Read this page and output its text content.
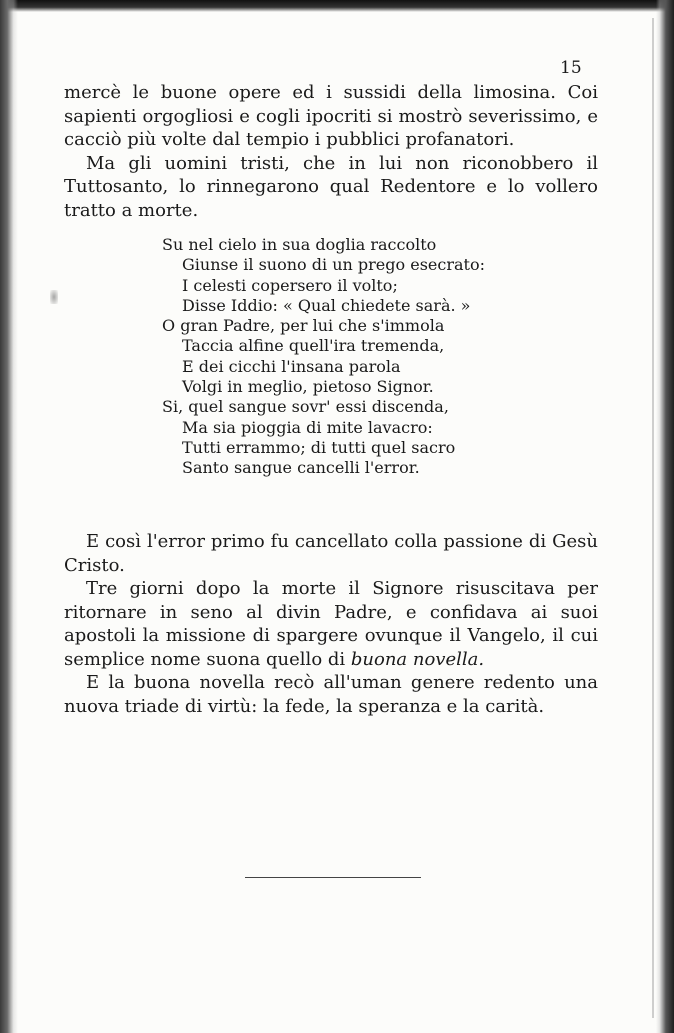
15

mercè le buone opere ed i sussidi della limosina. Coi sapienti orgogliosi e cogli ipocriti si mostrò severissimo, e cacciò più volte dal tempio i pubblici profanatori.

Ma gli uomini tristi, che in lui non riconobbero il Tuttosanto, lo rinnegarono qual Redentore e lo vollero tratto a morte.

Su nel cielo in sua doglia raccolto
Giunse il suono di un prego esecrato:
I celesti copersero il volto;
Disse Iddio: « Qual chiedete sarà. »
O gran Padre, per lui che s'immola
Taccia alfine quell'ira tremenda,
E dei cicchi l'insana parola
Volgi in meglio, pietoso Signor.
Si, quel sangue sovr' essi discenda,
Ma sia pioggia di mite lavacro:
Tutti errammo; di tutti quel sacro
Santo sangue cancelli l'error.

E così l'error primo fu cancellato colla passione di Gesù Cristo.

Tre giorni dopo la morte il Signore risuscitava per ritornare in seno al divin Padre, e confidava ai suoi apostoli la missione di spargere ovunque il Vangelo, il cui semplice nome suona quello di buona novella.

E la buona novella recò all'uman genere redento una nuova triade di virtù: la fede, la speranza e la carità.
